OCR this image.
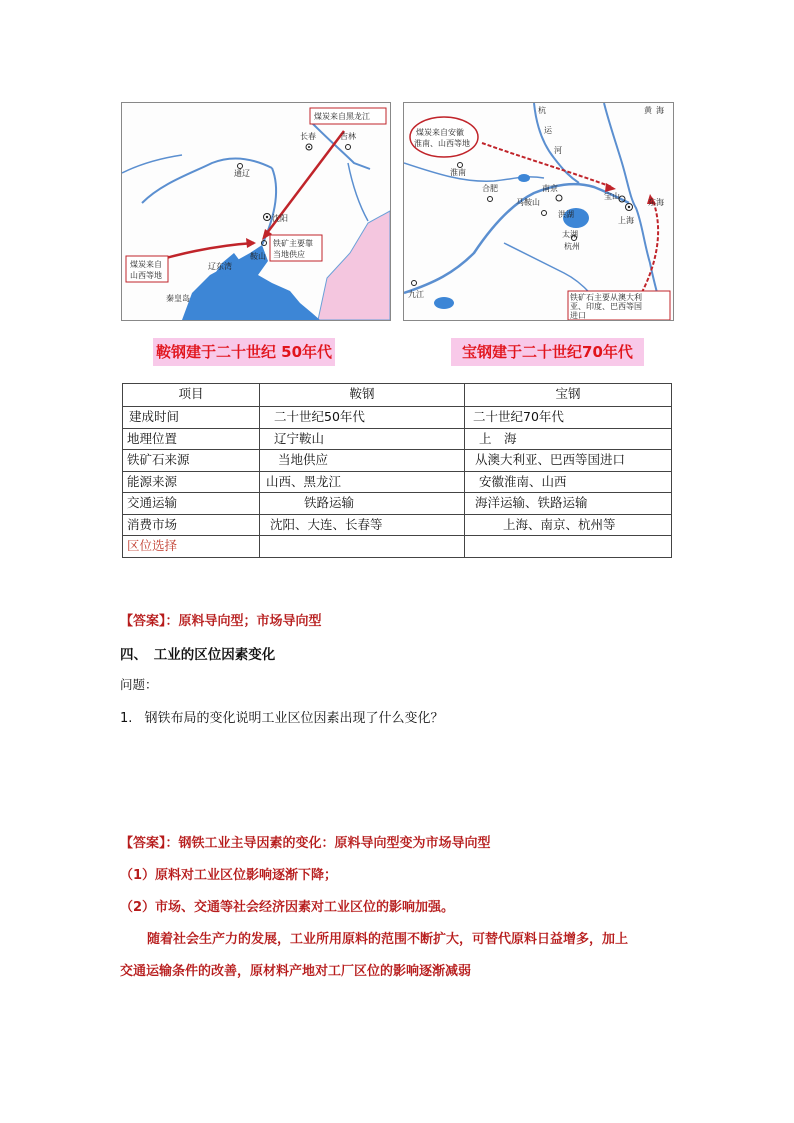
长春	吉林
通辽
沈阳
鞍山
辽东湾
秦皇岛
煤炭来自黑龙江
煤炭来自
山西等地
铁矿主要靠
当地供应
黄 海
杭
运
河
淮南
合肥	南京
马鞍山
太湖
宝山
上海
东海
杭州
九江
洪湖
煤炭来自安徽
淮南、山西等地
铁矿石主要从澳大利
亚、印度、巴西等国
进口
鞍钢建于二十世纪 50年代	宝钢建于二十世纪70年代
项目	鞍钢	宝钢
建成时间	二十世纪50年代	二十世纪70年代
地理位置	辽宁鞍山	上　海
铁矿石来源	当地供应	从澳大利亚、巴西等国进口
能源来源	山西、黑龙江	安徽淮南、山西
交通运输	铁路运输	海洋运输、铁路运输
消费市场	沈阳、大连、长春等	上海、南京、杭州等
区位选择		
【答案】：原料导向型；市场导向型
四、　工业的区位因素变化
问题：
1. 钢铁布局的变化说明工业区位因素出现了什么变化？
【答案】：钢铁工业主导因素的变化：原料导向型变为市场导向型
（1）原料对工业区位影响逐渐下降；
（2）市场、交通等社会经济因素对工业区位的影响加强。
随着社会生产力的发展，工业所用原料的范围不断扩大，可替代原料日益增多，加上
交通运输条件的改善，原材料产地对工厂区位的影响逐渐减弱
